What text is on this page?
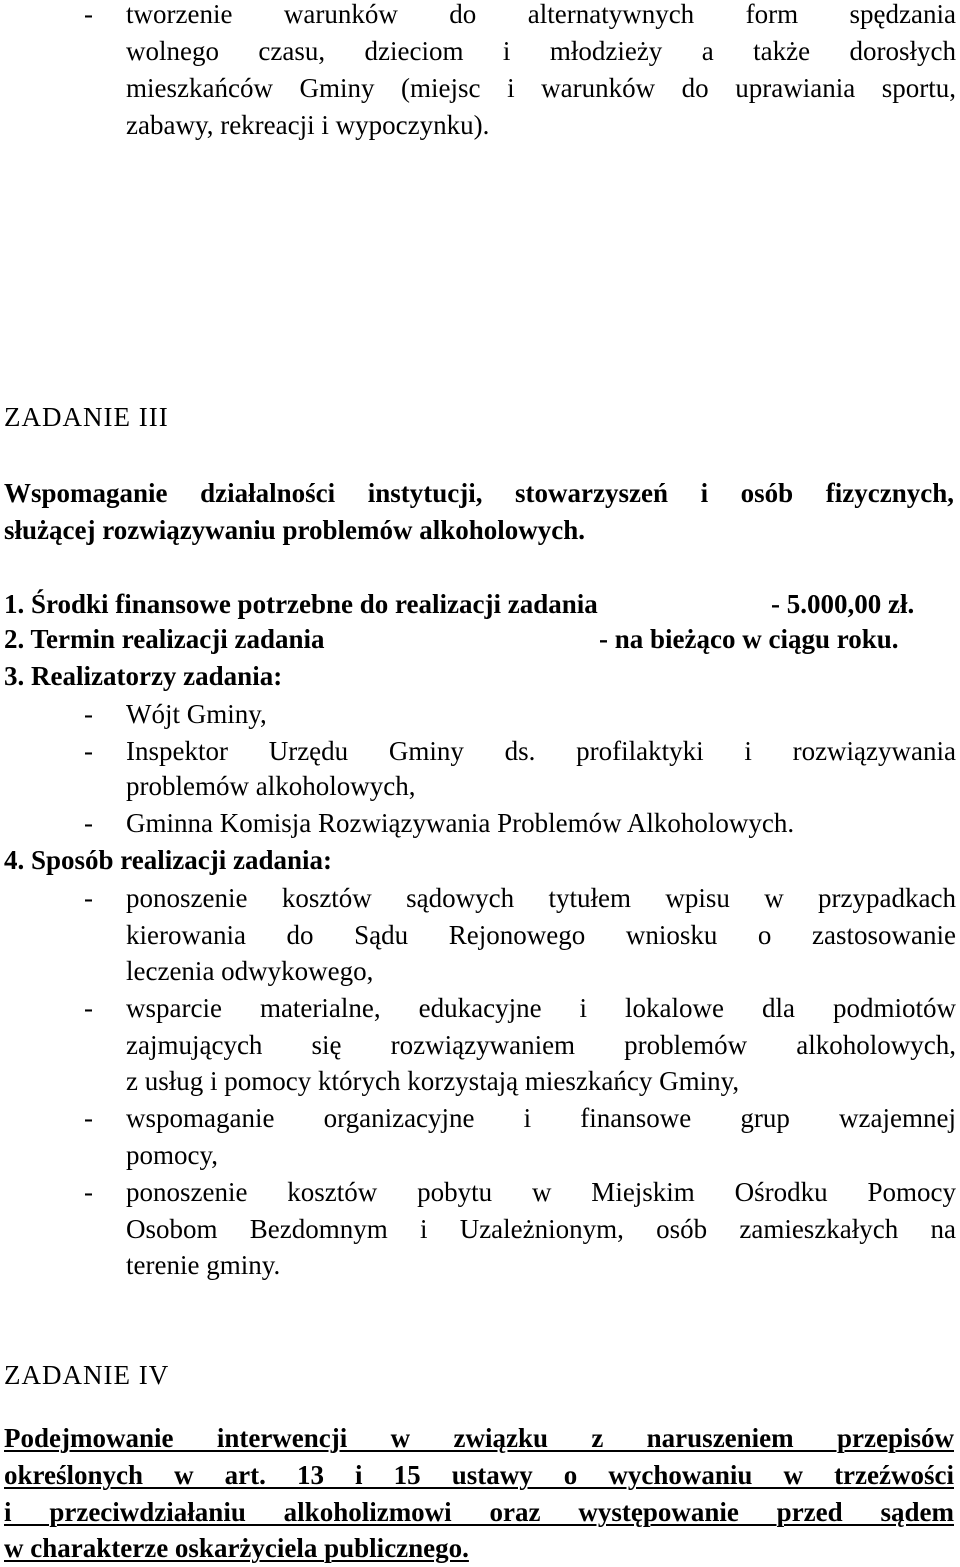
- tworzenie warunków do alternatywnych form spędzania
wolnego czasu, dzieciom i młodzieży a także dorosłych
mieszkańców Gminy (miejsc i warunków do uprawiania sportu,
zabawy, rekreacji i wypoczynku).
ZADANIE III
Wspomaganie działalności instytucji, stowarzyszeń i osób fizycznych,
służącej rozwiązywaniu problemów alkoholowych.
1. Środki finansowe potrzebne do realizacji zadania	- 5.000,00 zł.
2. Termin realizacji zadania	- na bieżąco w ciągu roku.
3. Realizatorzy zadania:
- Wójt Gminy,
- Inspektor Urzędu Gminy ds. profilaktyki i rozwiązywania
problemów alkoholowych,
- Gminna Komisja Rozwiązywania Problemów Alkoholowych.
4. Sposób realizacji zadania:
- ponoszenie kosztów sądowych tytułem wpisu w przypadkach
kierowania do Sądu Rejonowego wniosku o zastosowanie
leczenia odwykowego,
- wsparcie materialne, edukacyjne i lokalowe dla podmiotów
zajmujących się rozwiązywaniem problemów alkoholowych,
z usług i pomocy których korzystają mieszkańcy Gminy,
- wspomaganie organizacyjne i finansowe grup wzajemnej
pomocy,
- ponoszenie kosztów pobytu w Miejskim Ośrodku Pomocy
Osobom Bezdomnym i Uzależnionym, osób zamieszkałych na
terenie gminy.
ZADANIE IV
Podejmowanie interwencji w związku z naruszeniem przepisów
określonych w art. 13 i 15 ustawy o wychowaniu w trzeźwości
i przeciwdziałaniu alkoholizmowi oraz występowanie przed sądem
w charakterze oskarżyciela publicznego.
